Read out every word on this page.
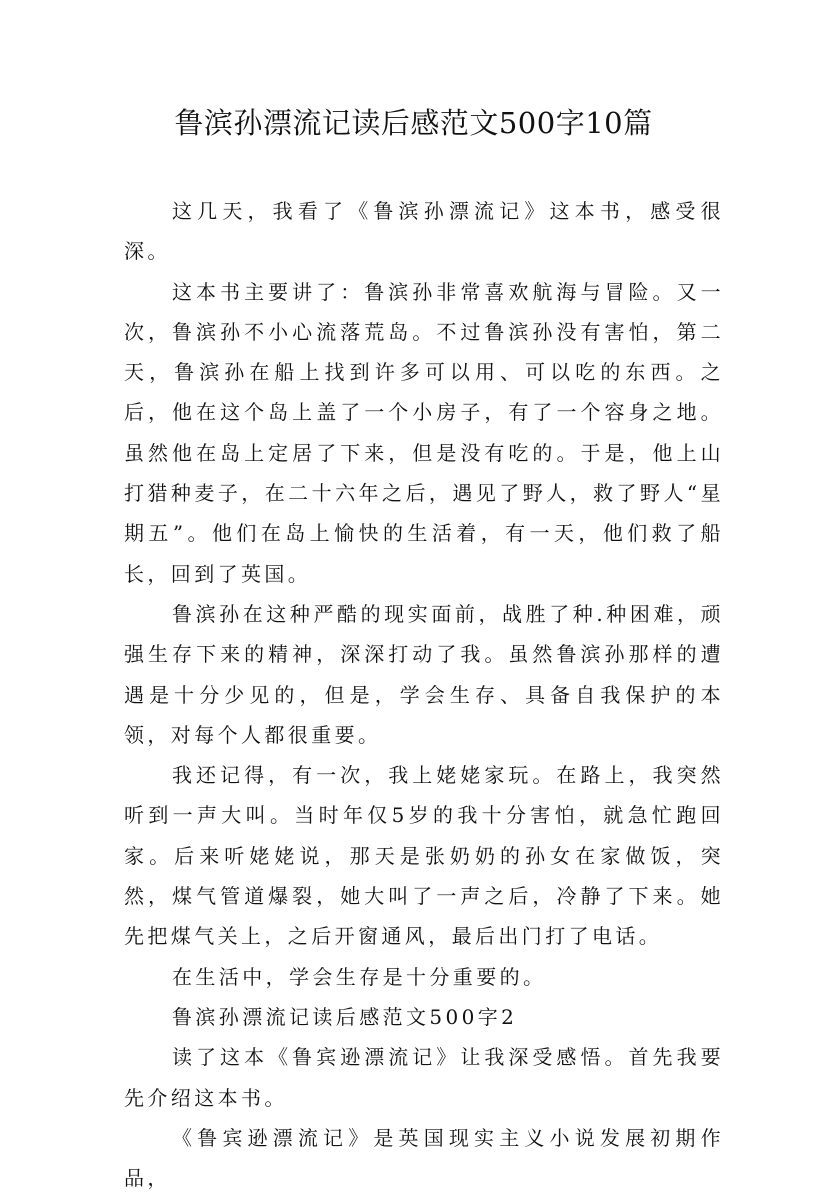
鲁滨孙漂流记读后感范文500字10篇

这几天，我看了《鲁滨孙漂流记》这本书，感受很深。

这本书主要讲了：鲁滨孙非常喜欢航海与冒险。又一次，鲁滨孙不小心流落荒岛。不过鲁滨孙没有害怕，第二天，鲁滨孙在船上找到许多可以用、可以吃的东西。之后，他在这个岛上盖了一个小房子，有了一个容身之地。虽然他在岛上定居了下来，但是没有吃的。于是，他上山打猎种麦子，在二十六年之后，遇见了野人，救了野人“星期五”。他们在岛上愉快的生活着，有一天，他们救了船长，回到了英国。

鲁滨孙在这种严酷的现实面前，战胜了种.种困难，顽强生存下来的精神，深深打动了我。虽然鲁滨孙那样的遭遇是十分少见的，但是，学会生存、具备自我保护的本领，对每个人都很重要。

我还记得，有一次，我上姥姥家玩。在路上，我突然听到一声大叫。当时年仅5岁的我十分害怕，就急忙跑回家。后来听姥姥说，那天是张奶奶的孙女在家做饭，突然，煤气管道爆裂，她大叫了一声之后，冷静了下来。她先把煤气关上，之后开窗通风，最后出门打了电话。

在生活中，学会生存是十分重要的。

鲁滨孙漂流记读后感范文500字2

读了这本《鲁宾逊漂流记》让我深受感悟。首先我要先介绍这本书。

《鲁宾逊漂流记》是英国现实主义小说发展初期作品，
